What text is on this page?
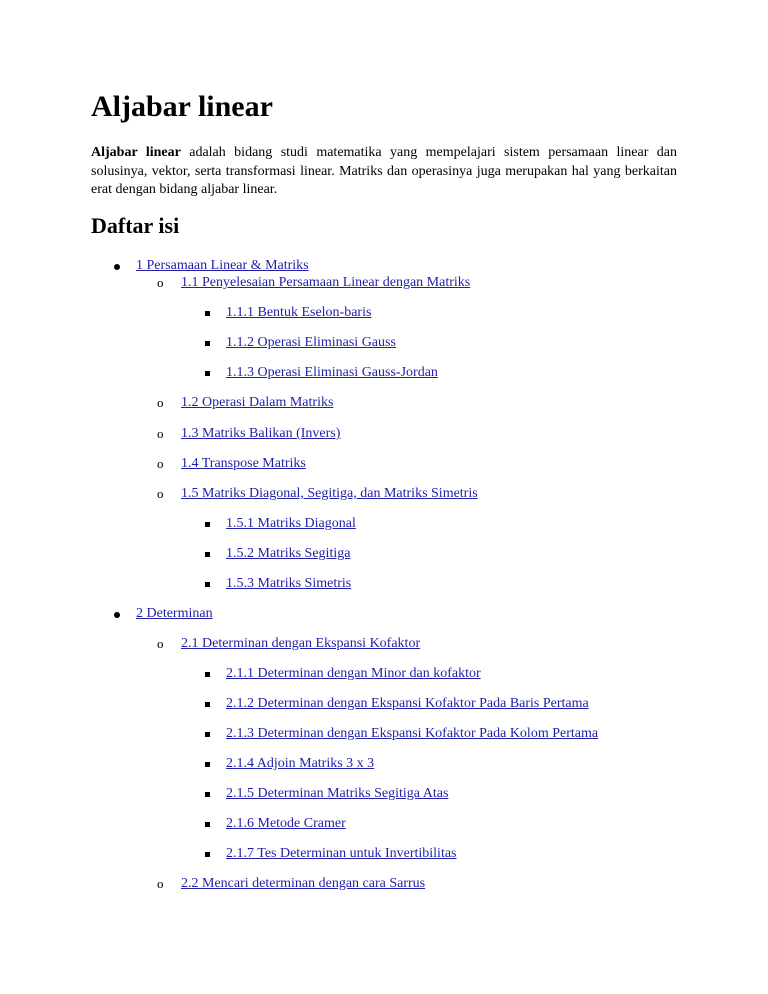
Aljabar linear

Aljabar linear adalah bidang studi matematika yang mempelajari sistem persamaan linear dan solusinya, vektor, serta transformasi linear. Matriks dan operasinya juga merupakan hal yang berkaitan erat dengan bidang aljabar linear.

Daftar isi
1 Persamaan Linear & Matriks
o 1.1 Penyelesaian Persamaan Linear dengan Matriks
1.1.1 Bentuk Eselon-baris
1.1.2 Operasi Eliminasi Gauss
1.1.3 Operasi Eliminasi Gauss-Jordan
o 1.2 Operasi Dalam Matriks
o 1.3 Matriks Balikan (Invers)
o 1.4 Transpose Matriks
o 1.5 Matriks Diagonal, Segitiga, dan Matriks Simetris
1.5.1 Matriks Diagonal
1.5.2 Matriks Segitiga
1.5.3 Matriks Simetris
2 Determinan
o 2.1 Determinan dengan Ekspansi Kofaktor
2.1.1 Determinan dengan Minor dan kofaktor
2.1.2 Determinan dengan Ekspansi Kofaktor Pada Baris Pertama
2.1.3 Determinan dengan Ekspansi Kofaktor Pada Kolom Pertama
2.1.4 Adjoin Matriks 3 x 3
2.1.5 Determinan Matriks Segitiga Atas
2.1.6 Metode Cramer
2.1.7 Tes Determinan untuk Invertibilitas
o 2.2 Mencari determinan dengan cara Sarrus
